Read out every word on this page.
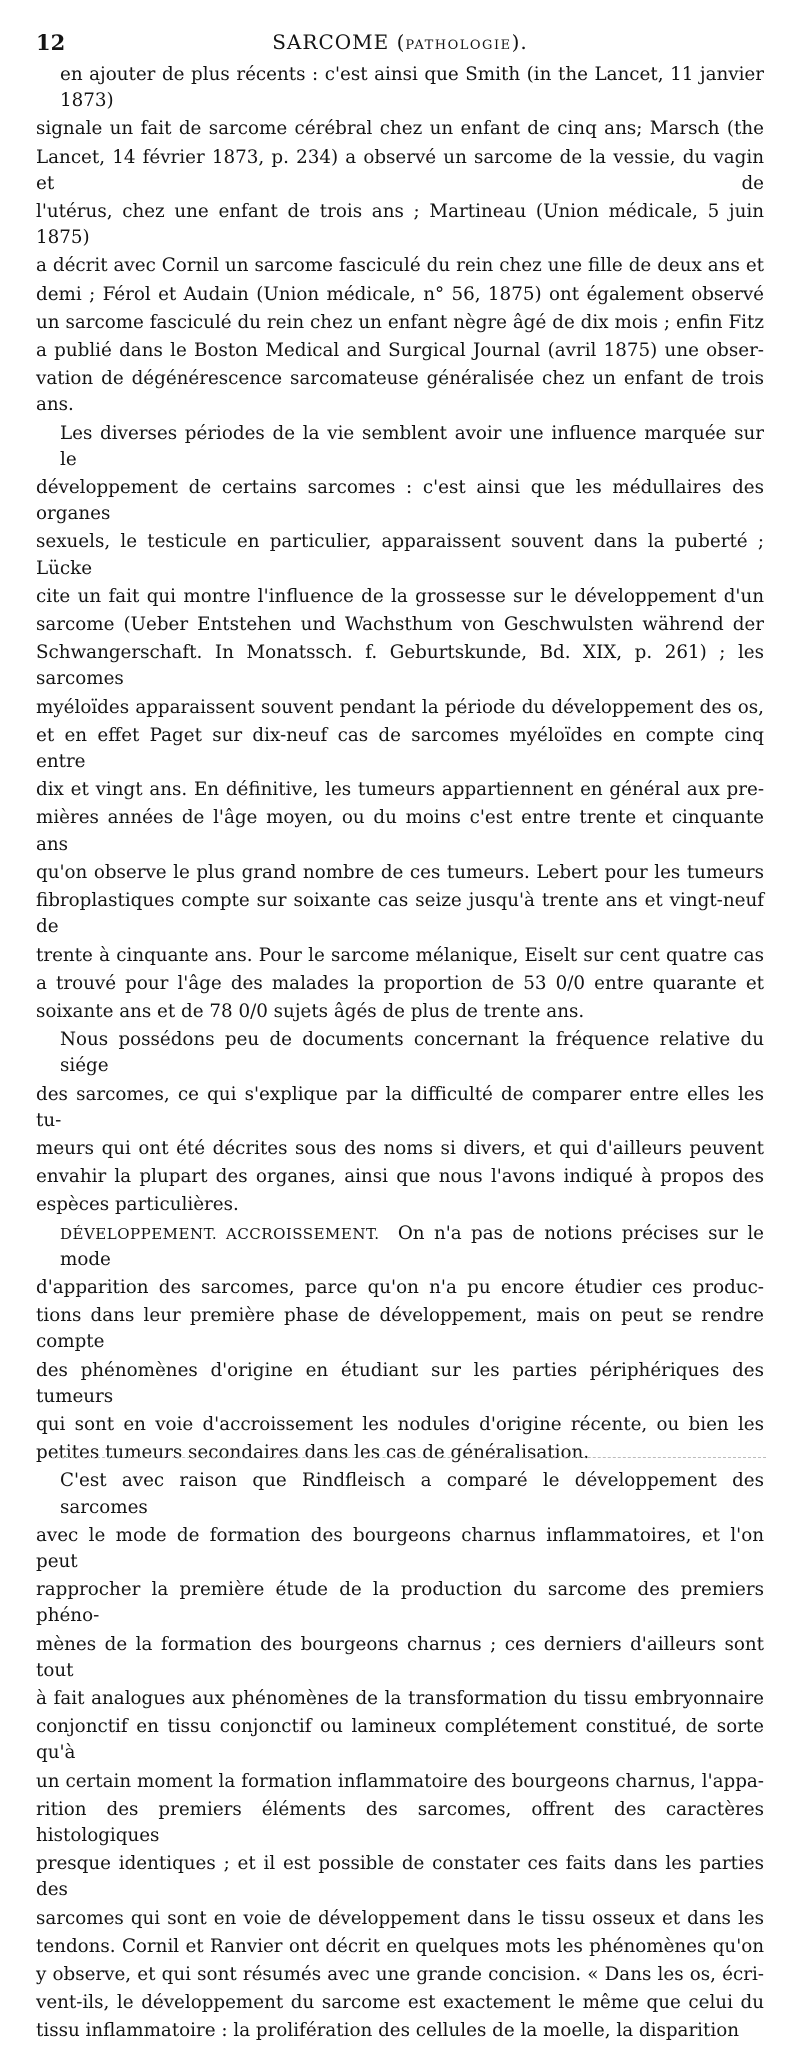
12	SARCOME (PATHOLOGIE).

en ajouter de plus récents : c'est ainsi que Smith (in the Lancet, 11 janvier 1873)

signale un fait de sarcome cérébral chez un enfant de cinq ans; Marsch (the

Lancet, 14 février 1873, p. 234) a observé un sarcome de la vessie, du vagin et de

l'utérus, chez une enfant de trois ans ; Martineau (Union médicale, 5 juin 1875)

a décrit avec Cornil un sarcome fasciculé du rein chez une fille de deux ans et

demi ; Férol et Audain (Union médicale, n° 56, 1875) ont également observé

un sarcome fasciculé du rein chez un enfant nègre âgé de dix mois ; enfin Fitz

a publié dans le Boston Medical and Surgical Journal (avril 1875) une obser-

vation de dégénérescence sarcomateuse généralisée chez un enfant de trois ans.

Les diverses périodes de la vie semblent avoir une influence marquée sur le

développement de certains sarcomes : c'est ainsi que les médullaires des organes

sexuels, le testicule en particulier, apparaissent souvent dans la puberté ; Lücke

cite un fait qui montre l'influence de la grossesse sur le développement d'un

sarcome (Ueber Entstehen und Wachsthum von Geschwulsten während der

Schwangerschaft. In Monatssch. f. Geburtskunde, Bd. XIX, p. 261) ; les sarcomes

myéloïdes apparaissent souvent pendant la période du développement des os,

et en effet Paget sur dix-neuf cas de sarcomes myéloïdes en compte cinq entre

dix et vingt ans. En définitive, les tumeurs appartiennent en général aux pre-

mières années de l'âge moyen, ou du moins c'est entre trente et cinquante ans

qu'on observe le plus grand nombre de ces tumeurs. Lebert pour les tumeurs

fibroplastiques compte sur soixante cas seize jusqu'à trente ans et vingt-neuf de

trente à cinquante ans. Pour le sarcome mélanique, Eiselt sur cent quatre cas

a trouvé pour l'âge des malades la proportion de 53 0/0 entre quarante et

soixante ans et de 78 0/0 sujets âgés de plus de trente ans.

Nous possédons peu de documents concernant la fréquence relative du siége

des sarcomes, ce qui s'explique par la difficulté de comparer entre elles les tu-

meurs qui ont été décrites sous des noms si divers, et qui d'ailleurs peuvent

envahir la plupart des organes, ainsi que nous l'avons indiqué à propos des

espèces particulières.

DÉVELOPPEMENT. ACCROISSEMENT.  On n'a pas de notions précises sur le mode

d'apparition des sarcomes, parce qu'on n'a pu encore étudier ces produc-

tions dans leur première phase de développement, mais on peut se rendre compte

des phénomènes d'origine en étudiant sur les parties périphériques des tumeurs

qui sont en voie d'accroissement les nodules d'origine récente, ou bien les

petites tumeurs secondaires dans les cas de généralisation.

C'est avec raison que Rindfleisch a comparé le développement des sarcomes

avec le mode de formation des bourgeons charnus inflammatoires, et l'on peut

rapprocher la première étude de la production du sarcome des premiers phéno-

mènes de la formation des bourgeons charnus ; ces derniers d'ailleurs sont tout

à fait analogues aux phénomènes de la transformation du tissu embryonnaire

conjonctif en tissu conjonctif ou lamineux complétement constitué, de sorte qu'à

un certain moment la formation inflammatoire des bourgeons charnus, l'appa-

rition des premiers éléments des sarcomes, offrent des caractères histologiques

presque identiques ; et il est possible de constater ces faits dans les parties des

sarcomes qui sont en voie de développement dans le tissu osseux et dans les

tendons. Cornil et Ranvier ont décrit en quelques mots les phénomènes qu'on

y observe, et qui sont résumés avec une grande concision. « Dans les os, écri-

vent-ils, le développement du sarcome est exactement le même que celui du

tissu inflammatoire : la prolifération des cellules de la moelle, la disparition
